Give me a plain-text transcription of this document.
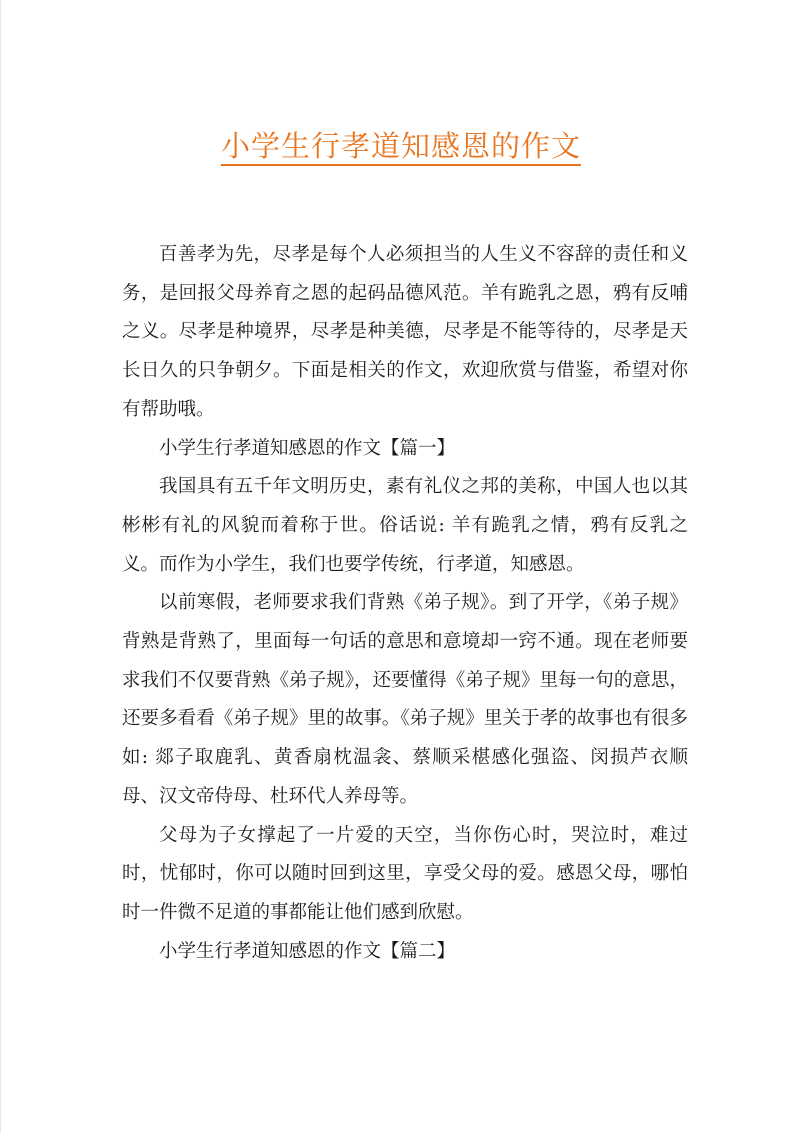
小学生行孝道知感恩的作文

百善孝为先，尽孝是每个人必须担当的人生义不容辞的责任和义务，是回报父母养育之恩的起码品德风范。羊有跪乳之恩，鸦有反哺之义。尽孝是种境界，尽孝是种美德，尽孝是不能等待的，尽孝是天长日久的只争朝夕。下面是相关的作文，欢迎欣赏与借鉴，希望对你有帮助哦。

小学生行孝道知感恩的作文【篇一】

我国具有五千年文明历史，素有礼仪之邦的美称，中国人也以其彬彬有礼的风貌而着称于世。俗话说: 羊有跪乳之情，鸦有反乳之义。而作为小学生，我们也要学传统，行孝道，知感恩。

以前寒假，老师要求我们背熟《弟子规》。到了开学，《弟子规》背熟是背熟了，里面每一句话的意思和意境却一窍不通。现在老师要求我们不仅要背熟《弟子规》，还要懂得《弟子规》里每一句的意思，还要多看看《弟子规》里的故事。《弟子规》里关于孝的故事也有很多如: 郯子取鹿乳、黄香扇枕温衾、蔡顺采椹感化强盗、闵损芦衣顺母、汉文帝侍母、杜环代人养母等。

父母为子女撑起了一片爱的天空，当你伤心时，哭泣时，难过时，忧郁时，你可以随时回到这里，享受父母的爱。感恩父母，哪怕时一件微不足道的事都能让他们感到欣慰。

小学生行孝道知感恩的作文【篇二】
